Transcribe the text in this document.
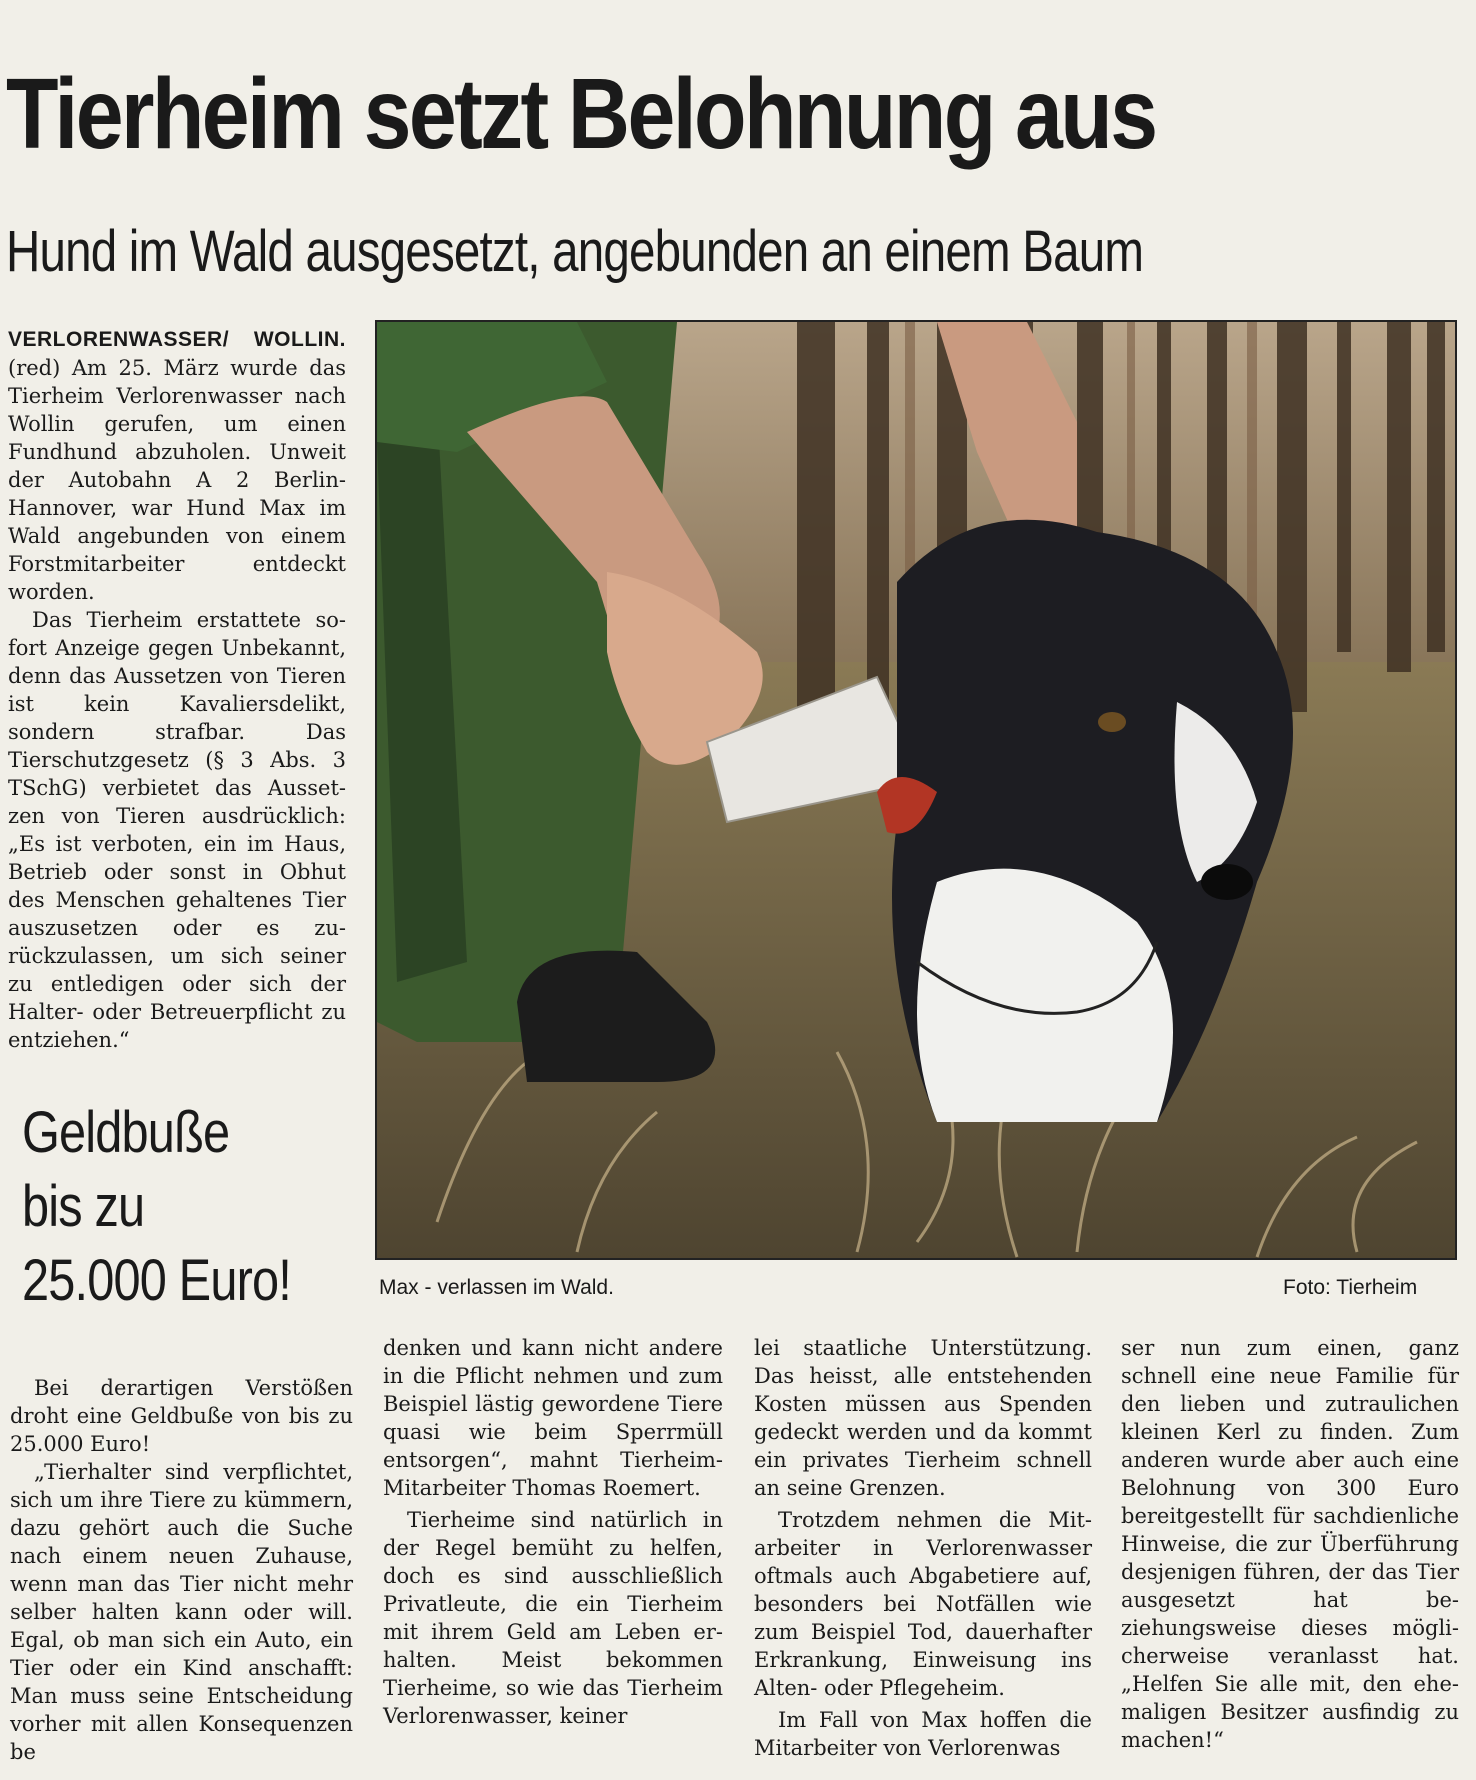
Tierheim setzt Belohnung aus
Hund im Wald ausgesetzt, angebunden an einem Baum

VERLORENWASSER/ WOLLIN. (red) Am 25. März wurde das Tierheim Verlorenwasser nach Wollin gerufen, um einen Fundhund abzuholen. Unweit der Autobahn A 2 Berlin-Hannover, war Hund Max im Wald angebunden von einem Forstmitarbeiter entdeckt worden.

Das Tierheim erstattete sofort Anzeige gegen Unbekannt, denn das Aussetzen von Tieren ist kein Kavaliersdelikt, sondern strafbar. Das Tierschutzgesetz (§ 3 Abs. 3 TSchG) verbietet das Aussetzen von Tieren ausdrücklich: „Es ist verboten, ein im Haus, Betrieb oder sonst in Obhut des Menschen gehaltenes Tier auszusetzen oder es zurückzulassen, um sich seiner zu entledigen oder sich der Halter- oder Betreuerpflicht zu entziehen.“

Geldbuße
bis zu
25.000 Euro!	Max - verlassen im Wald.	Foto: Tierheim

Bei derartigen Verstößen droht eine Geldbuße von bis zu 25.000 Euro!

„Tierhalter sind verpflichtet, sich um ihre Tiere zu kümmern, dazu gehört auch die Suche nach einem neuen Zuhause, wenn man das Tier nicht mehr selber halten kann oder will. Egal, ob man sich ein Auto, ein Tier oder ein Kind anschafft: Man muss seine Entscheidung vorher mit allen Konsequenzen be

denken und kann nicht andere in die Pflicht nehmen und zum Beispiel lästig gewordene Tiere quasi wie beim Sperrmüll entsorgen“, mahnt Tierheim-Mitarbeiter Thomas Roemert.

Tierheime sind natürlich in der Regel bemüht zu helfen, doch es sind ausschließlich Privatleute, die ein Tierheim mit ihrem Geld am Leben erhalten. Meist bekommen Tierheime, so wie das Tierheim Verlorenwasser, keiner

lei staatliche Unterstützung. Das heisst, alle entstehenden Kosten müssen aus Spenden gedeckt werden und da kommt ein privates Tierheim schnell an seine Grenzen.

Trotzdem nehmen die Mitarbeiter in Verlorenwasser oftmals auch Abgabetiere auf, besonders bei Notfällen wie zum Beispiel Tod, dauerhafter Erkrankung, Einweisung ins Alten- oder Pflegeheim.

Im Fall von Max hoffen die Mitarbeiter von Verlorenwas

ser nun zum einen, ganz schnell eine neue Familie für den lieben und zutraulichen kleinen Kerl zu finden. Zum anderen wurde aber auch eine Belohnung von 300 Euro bereitgestellt für sachdienliche Hinweise, die zur Überführung desjenigen führen, der das Tier ausgesetzt hat beziehungsweise dieses möglicherweise veranlasst hat. „Helfen Sie alle mit, den ehemaligen Besitzer ausfindig zu machen!“
